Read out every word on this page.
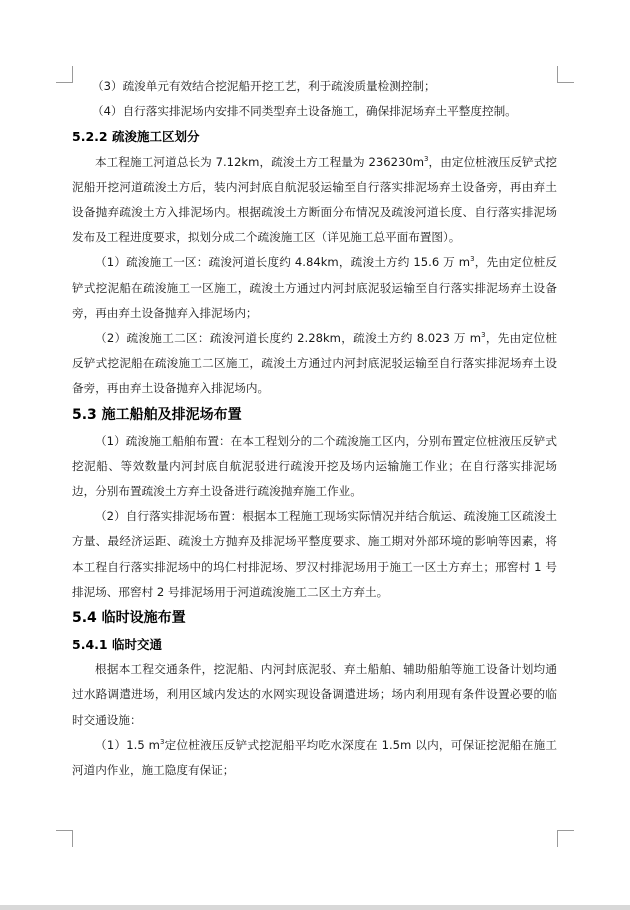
（3）疏浚单元有效结合挖泥船开挖工艺，利于疏浚质量检测控制；

（4）自行落实排泥场内安排不同类型弃土设备施工，确保排泥场弃土平整度控制。

5.2.2 疏浚施工区划分

本工程施工河道总长为 7.12km，疏浚土方工程量为 $236230m^3$，由定位桩液压反铲式挖泥船开挖河道疏浚土方后，装内河封底自航泥驳运输至自行落实排泥场弃土设备旁，再由弃土设备抛弃疏浚土方入排泥场内。根据疏浚土方断面分布情况及疏浚河道长度、自行落实排泥场发布及工程进度要求，拟划分成二个疏浚施工区（详见施工总平面布置图）。

（1）疏浚施工一区：疏浚河道长度约 4.84km，疏浚土方约 15.6 万 $m^3$，先由定位桩反铲式挖泥船在疏浚施工一区施工，疏浚土方通过内河封底泥驳运输至自行落实排泥场弃土设备旁，再由弃土设备抛弃入排泥场内；

（2）疏浚施工二区：疏浚河道长度约 2.28km，疏浚土方约 8.023 万 $m^3$，先由定位桩反铲式挖泥船在疏浚施工二区施工，疏浚土方通过内河封底泥驳运输至自行落实排泥场弃土设备旁，再由弃土设备抛弃入排泥场内。

5.3 施工船舶及排泥场布置

（1）疏浚施工船舶布置：在本工程划分的二个疏浚施工区内，分别布置定位桩液压反铲式挖泥船、等效数量内河封底自航泥驳进行疏浚开挖及场内运输施工作业；在自行落实排泥场边，分别布置疏浚土方弃土设备进行疏浚抛弃施工作业。

（2）自行落实排泥场布置：根据本工程施工现场实际情况并结合航运、疏浚施工区疏浚土方量、最经济运距、疏浚土方抛弃及排泥场平整度要求、施工期对外部环境的影响等因素，将本工程自行落实排泥场中的坞仁村排泥场、罗汉村排泥场用于施工一区土方弃土；邢窖村 1 号排泥场、邢窖村 2 号排泥场用于河道疏浚施工二区土方弃土。

5.4 临时设施布置

5.4.1 临时交通

根据本工程交通条件，挖泥船、内河封底泥驳、弃土船舶、辅助船舶等施工设备计划均通过水路调遣进场，利用区域内发达的水网实现设备调遣进场；场内利用现有条件设置必要的临时交通设施：

（1）1.5 $m^3$定位桩液压反铲式挖泥船平均吃水深度在 1.5m 以内，可保证挖泥船在施工河道内作业，施工隐度有保证；
